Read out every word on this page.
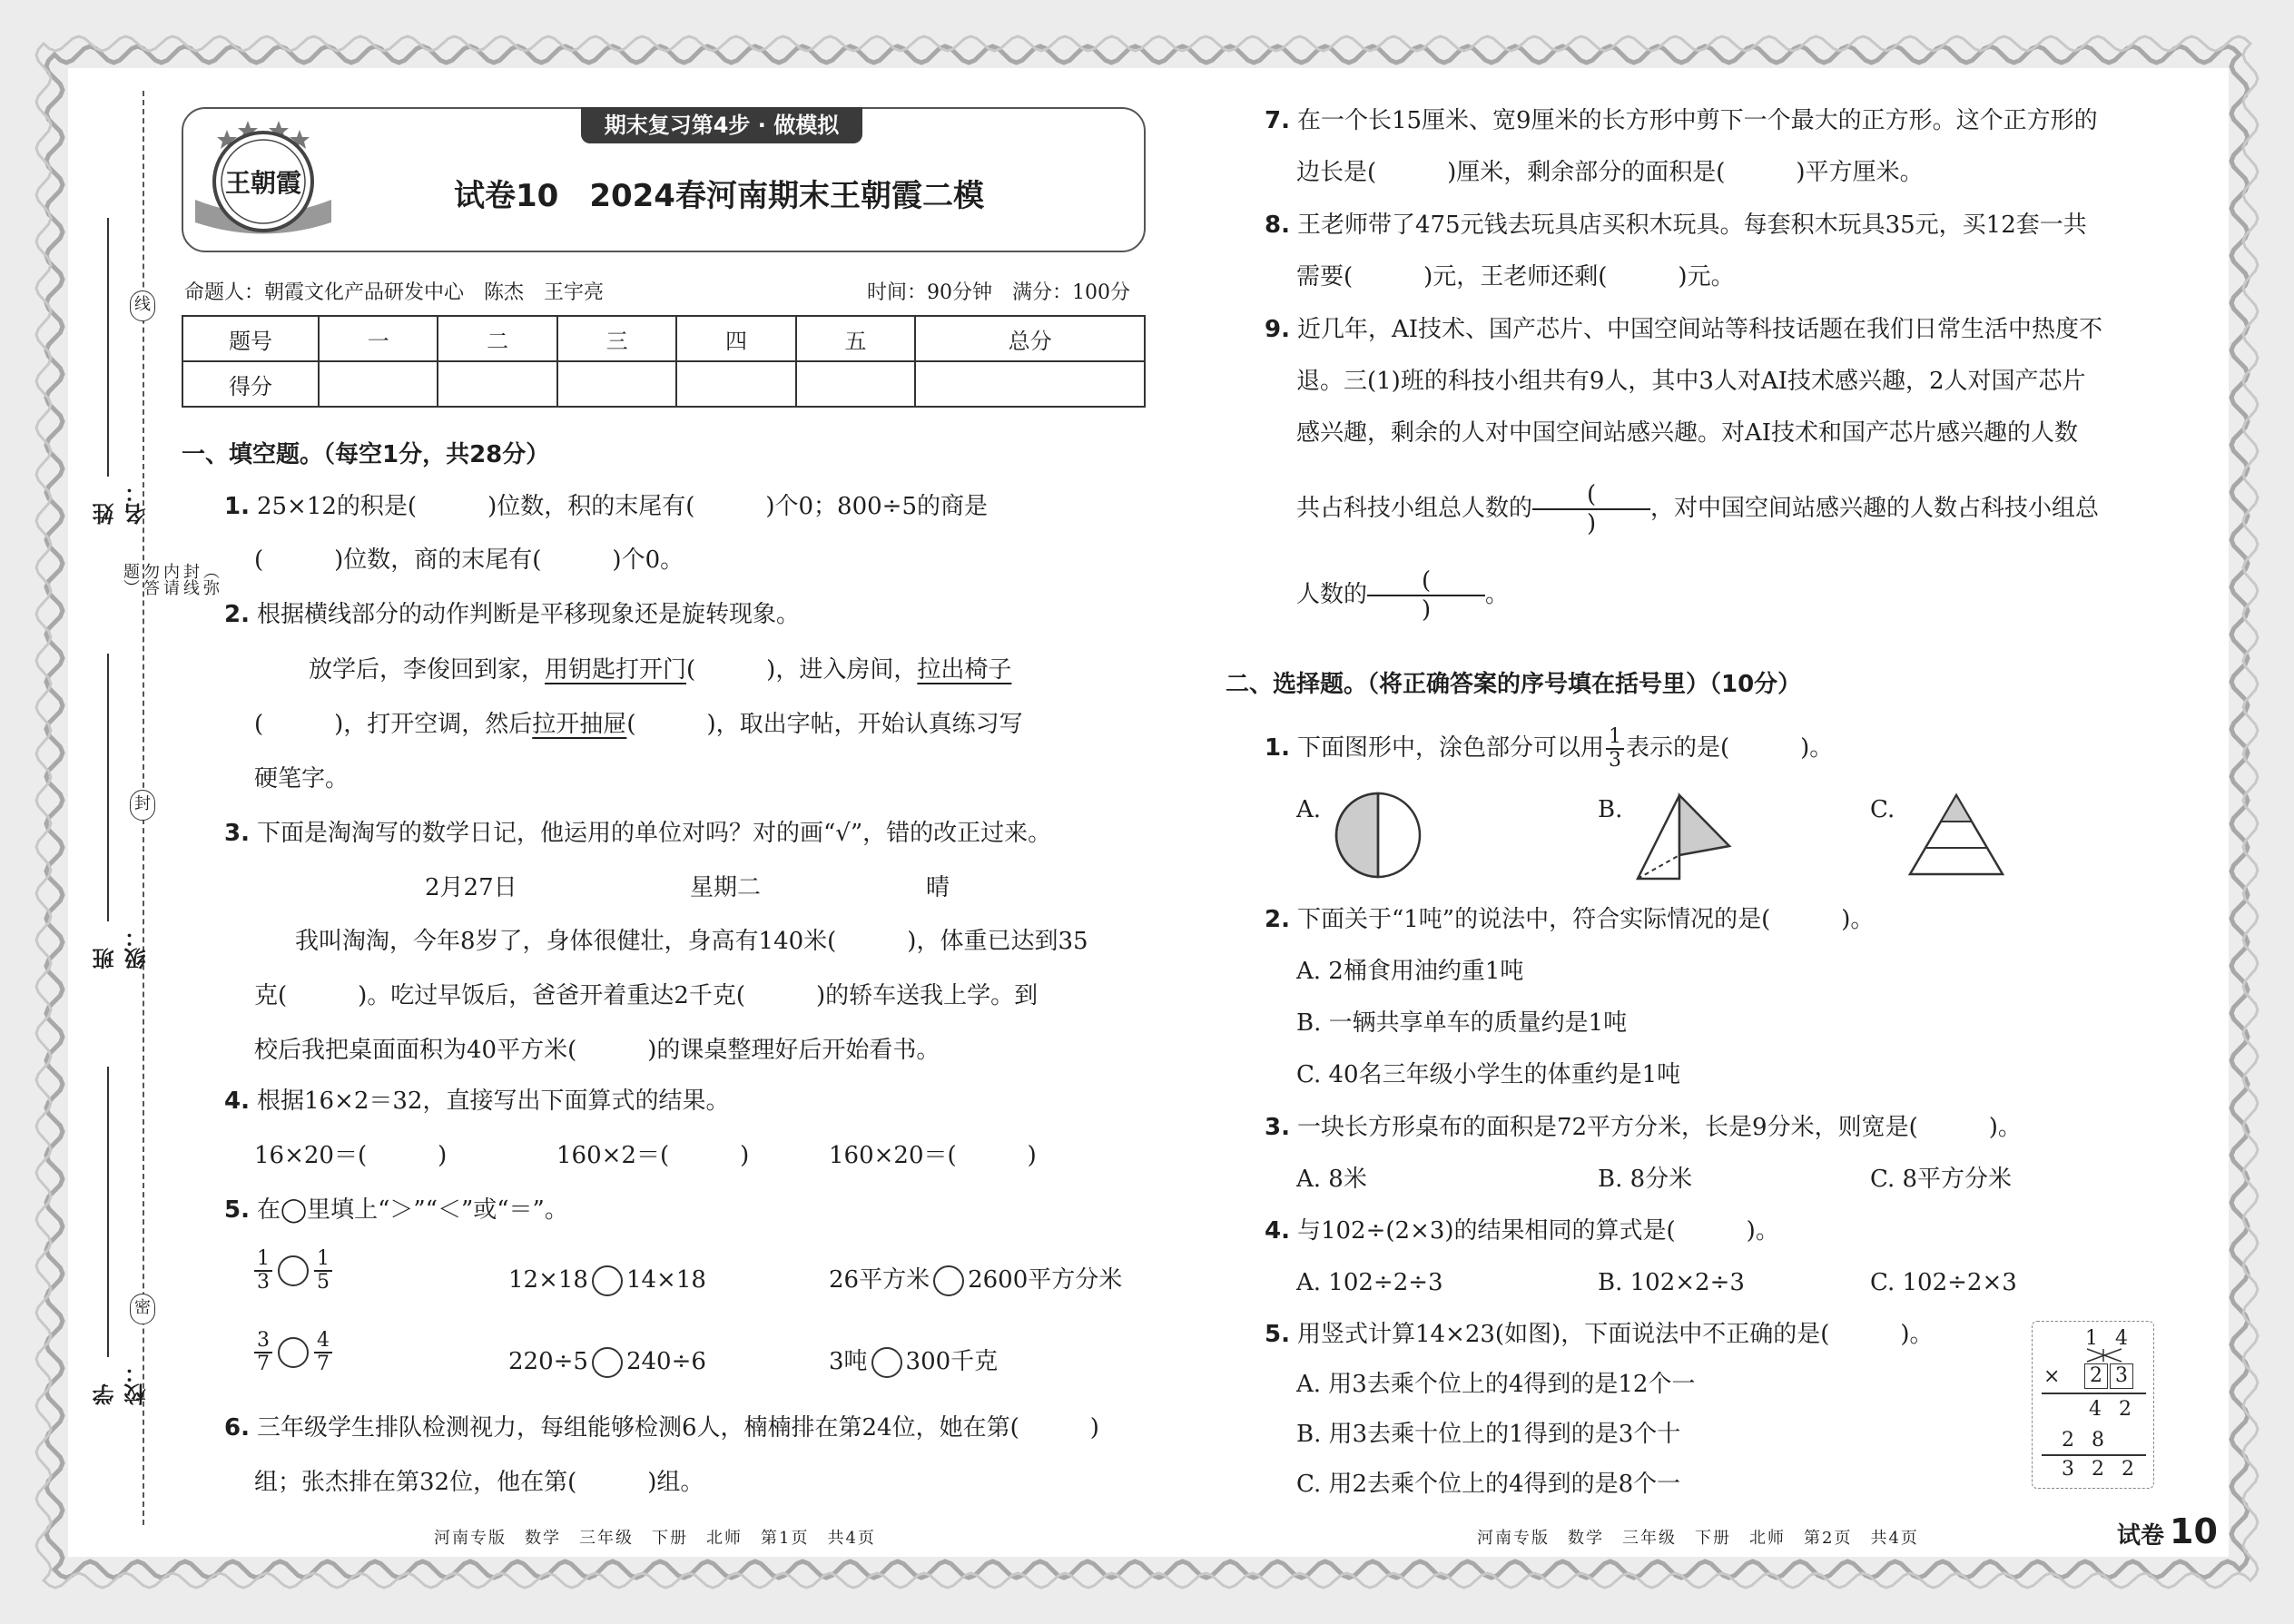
线
封
密
（弥封线内请勿答题）
姓名：
班级：
学校：
期末复习第4步 · 做模拟
王朝霞	试卷10　2024春河南期末王朝霞二模
命题人：朝霞文化产品研发中心　陈杰　王宇亮	时间：90分钟　满分：100分
题号	一	二	三	四	五	总分
得分						
一、填空题。（每空1分，共28分）
1. 25×12的积是(　　　)位数，积的末尾有(　　　)个0；800÷5的商是
(　　　)位数，商的末尾有(　　　)个0。
2. 根据横线部分的动作判断是平移现象还是旋转现象。
放学后，李俊回到家，用钥匙打开门(　　　)，进入房间，拉出椅子
(　　　)，打开空调，然后拉开抽屉(　　　)，取出字帖，开始认真练习写
硬笔字。
3. 下面是淘淘写的数学日记，他运用的单位对吗？对的画“√”，错的改正过来。
2月27日	星期二	晴
我叫淘淘，今年8岁了，身体很健壮，身高有140米(　　　)，体重已达到35
克(　　　)。吃过早饭后，爸爸开着重达2千克(　　　)的轿车送我上学。到
校后我把桌面面积为40平方米(　　　)的课桌整理好后开始看书。
4. 根据16×2＝32，直接写出下面算式的结果。
16×20＝(　　　)	160×2＝(　　　)	160×20＝(　　　)
5. 在◯里填上“＞”“＜”或“＝”。
$\frac{1}{3} \frac{1}{5}$	12×18 14×18	26平方米 2600平方分米
$\frac{3}{7} \frac{4}{7}$	220÷5 240÷6	3吨 300千克
6. 三年级学生排队检测视力，每组能够检测6人，楠楠排在第24位，她在第(　　　)
组；张杰排在第32位，他在第(　　　)组。
河南专版　数学　三年级　下册　北师　第1页　共4页
7. 在一个长15厘米、宽9厘米的长方形中剪下一个最大的正方形。这个正方形的
边长是(　　　)厘米，剩余部分的面积是(　　　)平方厘米。
8. 王老师带了475元钱去玩具店买积木玩具。每套积木玩具35元，买12套一共
需要(　　　)元，王老师还剩(　　　)元。
9. 近几年，AI技术、国产芯片、中国空间站等科技话题在我们日常生活中热度不
退。三(1)班的科技小组共有9人，其中3人对AI技术感兴趣，2人对国产芯片
感兴趣，剩余的人对中国空间站感兴趣。对AI技术和国产芯片感兴趣的人数
共占科技小组总人数的	(
)
，对中国空间站感兴趣的人数占科技小组总
人数的	(
)
。
二、选择题。（将正确答案的序号填在括号里）（10分）
1. 下面图形中，涂色部分可以用 $\frac{1}{3}$ 表示的是(　　　)。
A.	B.	C.
2. 下面关于“1吨”的说法中，符合实际情况的是(　　　)。
A. 2桶食用油约重1吨
B. 一辆共享单车的质量约是1吨
C. 40名三年级小学生的体重约是1吨
3. 一块长方形桌布的面积是72平方分米，长是9分米，则宽是(　　　)。
A. 8米	B. 8分米	C. 8平方分米
4. 与102÷(2×3)的结果相同的算式是(　　　)。
A. 102÷2÷3	B. 102×2÷3	C. 102÷2×3
5. 用竖式计算14×23(如图)，下面说法中不正确的是(　　　)。
A. 用3去乘个位上的4得到的是12个一
B. 用3去乘十位上的1得到的是3个十
C. 用2去乘个位上的4得到的是8个一
1 4
× 2 3
4 2
2 8
3 2 2
河南专版　数学　三年级　下册　北师　第2页　共4页	试卷 10
